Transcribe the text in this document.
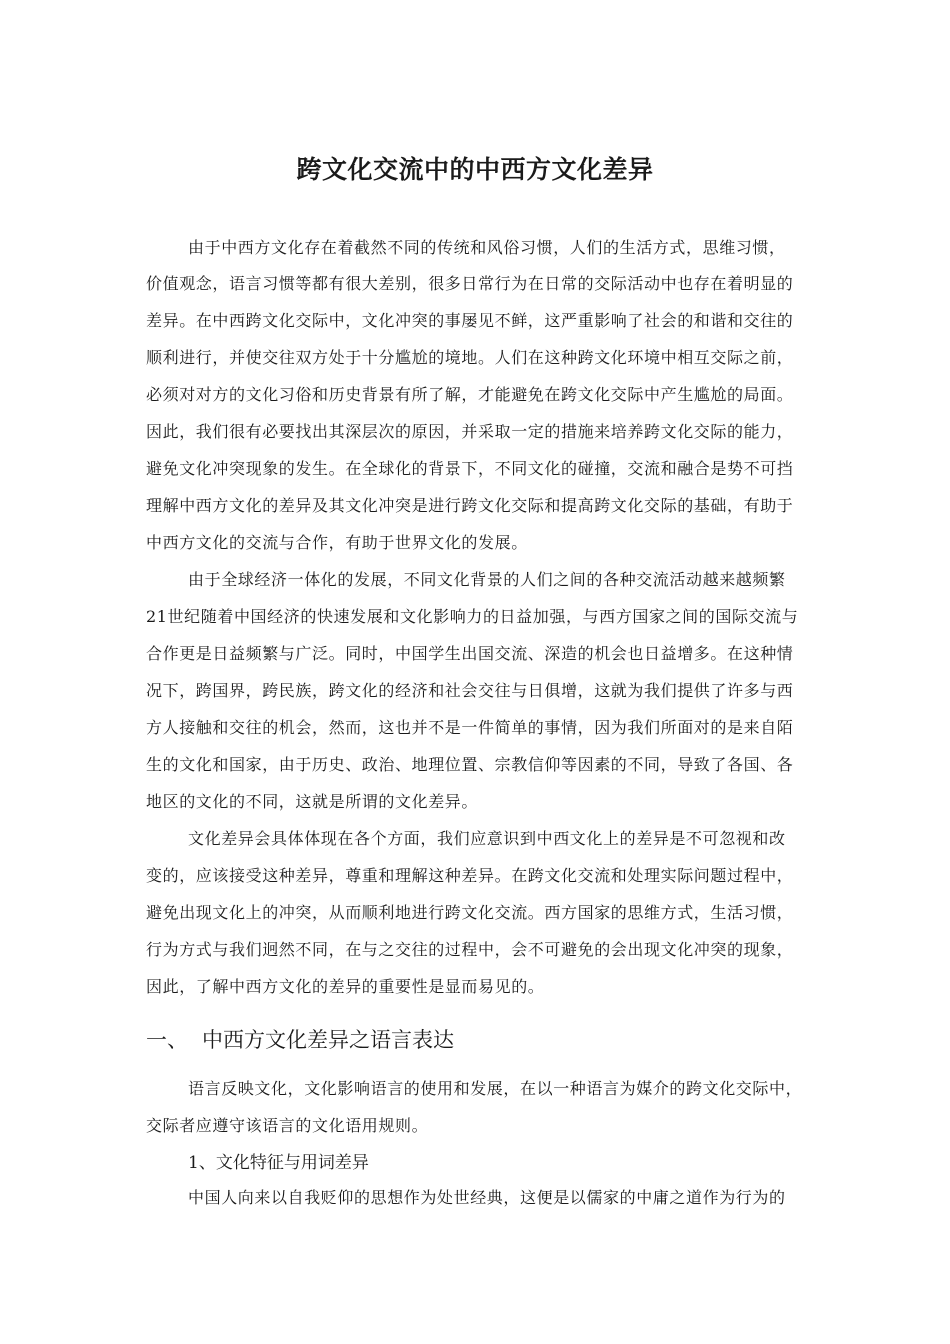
跨文化交流中的中西方文化差异
由于中西方文化存在着截然不同的传统和风俗习惯，人们的生活方式，思维习惯，
价值观念，语言习惯等都有很大差别，很多日常行为在日常的交际活动中也存在着明显的
差异。在中西跨文化交际中，文化冲突的事屡见不鲜，这严重影响了社会的和谐和交往的
顺利进行，并使交往双方处于十分尴尬的境地。人们在这种跨文化环境中相互交际之前，
必须对对方的文化习俗和历史背景有所了解，才能避免在跨文化交际中产生尴尬的局面。
因此，我们很有必要找出其深层次的原因，并采取一定的措施来培养跨文化交际的能力，
避免文化冲突现象的发生。在全球化的背景下，不同文化的碰撞，交流和融合是势不可挡
理解中西方文化的差异及其文化冲突是进行跨文化交际和提高跨文化交际的基础，有助于
中西方文化的交流与合作，有助于世界文化的发展。
由于全球经济一体化的发展，不同文化背景的人们之间的各种交流活动越来越频繁
21世纪随着中国经济的快速发展和文化影响力的日益加强，与西方国家之间的国际交流与
合作更是日益频繁与广泛。同时，中国学生出国交流、深造的机会也日益增多。在这种情
况下，跨国界，跨民族，跨文化的经济和社会交往与日俱增，这就为我们提供了许多与西
方人接触和交往的机会，然而，这也并不是一件简单的事情，因为我们所面对的是来自陌
生的文化和国家，由于历史、政治、地理位置、宗教信仰等因素的不同，导致了各国、各
地区的文化的不同，这就是所谓的文化差异。
文化差异会具体体现在各个方面，我们应意识到中西文化上的差异是不可忽视和改
变的，应该接受这种差异，尊重和理解这种差异。在跨文化交流和处理实际问题过程中，
避免出现文化上的冲突，从而顺利地进行跨文化交流。西方国家的思维方式，生活习惯，
行为方式与我们迥然不同，在与之交往的过程中，会不可避免的会出现文化冲突的现象，
因此，了解中西方文化的差异的重要性是显而易见的。
一、 中西方文化差异之语言表达
语言反映文化，文化影响语言的使用和发展，在以一种语言为媒介的跨文化交际中，
交际者应遵守该语言的文化语用规则。
1、文化特征与用词差异
中国人向来以自我贬仰的思想作为处世经典，这便是以儒家的中庸之道作为行为的
